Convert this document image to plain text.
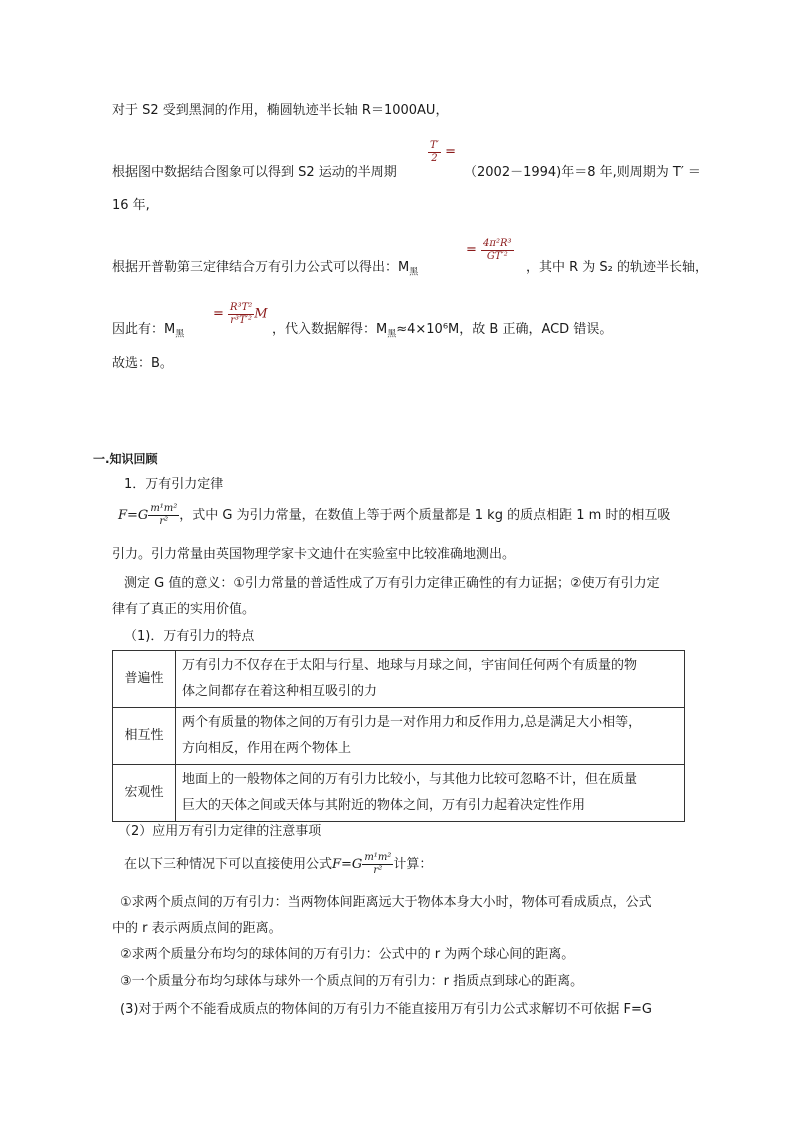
对于 S2 受到黑洞的作用，椭圆轨迹半长轴 R＝1000AU，
根据图中数据结合图象可以得到 S2 运动的半周期
$\frac{T'}{2}$ =
（2002－1994)年＝8 年,则周期为 T′ ＝
16 年,
根据开普勒第三定律结合万有引力公式可以得出：$M_黑$
= $\frac{\text{4π²R³}}{\text{GT′²}}$
，其中 R 为 S₂ 的轨迹半长轴，
因此有：$M_黑$
= $\frac{\text{R³T²}}{\text{r³T′²}}$ M
，代入数据解得：$M_黑\approx 4\times 10^6M$，故 B 正确，ACD 错误。
故选：B。
一.知识回顾
1．万有引力定律
$F=G \frac{\text{m¹m²}}{\text{r²}}$ ，式中 G 为引力常量，在数值上等于两个质量都是 1 kg 的质点相距 1 m 时的相互吸
引力。引力常量由英国物理学家卡文迪什在实验室中比较准确地测出。
测定 G 值的意义：①引力常量的普适性成了万有引力定律正确性的有力证据；②使万有引力定
律有了真正的实用价值。
（1)．万有引力的特点
普遍性	万有引力不仅存在于太阳与行星、地球与月球之间，宇宙间任何两个有质量的物
体之间都存在着这种相互吸引的力

相互性	两个有质量的物体之间的万有引力是一对作用力和反作用力,总是满足大小相等，
方向相反，作用在两个物体上

宏观性	地面上的一般物体之间的万有引力比较小，与其他力比较可忽略不计，但在质量
巨大的天体之间或天体与其附近的物体之间，万有引力起着决定性作用
（2）应用万有引力定律的注意事项
在以下三种情况下可以直接使用公式$F=G \frac{\text{m¹m²}}{\text{r²}}$ 计算：
①求两个质点间的万有引力：当两物体间距离远大于物体本身大小时，物体可看成质点，公式
中的 r 表示两质点间的距离。
②求两个质量分布均匀的球体间的万有引力：公式中的 r 为两个球心间的距离。
③一个质量分布均匀球体与球外一个质点间的万有引力：r 指质点到球心的距离。
(3)对于两个不能看成质点的物体间的万有引力不能直接用万有引力公式求解切不可依据 F=G
